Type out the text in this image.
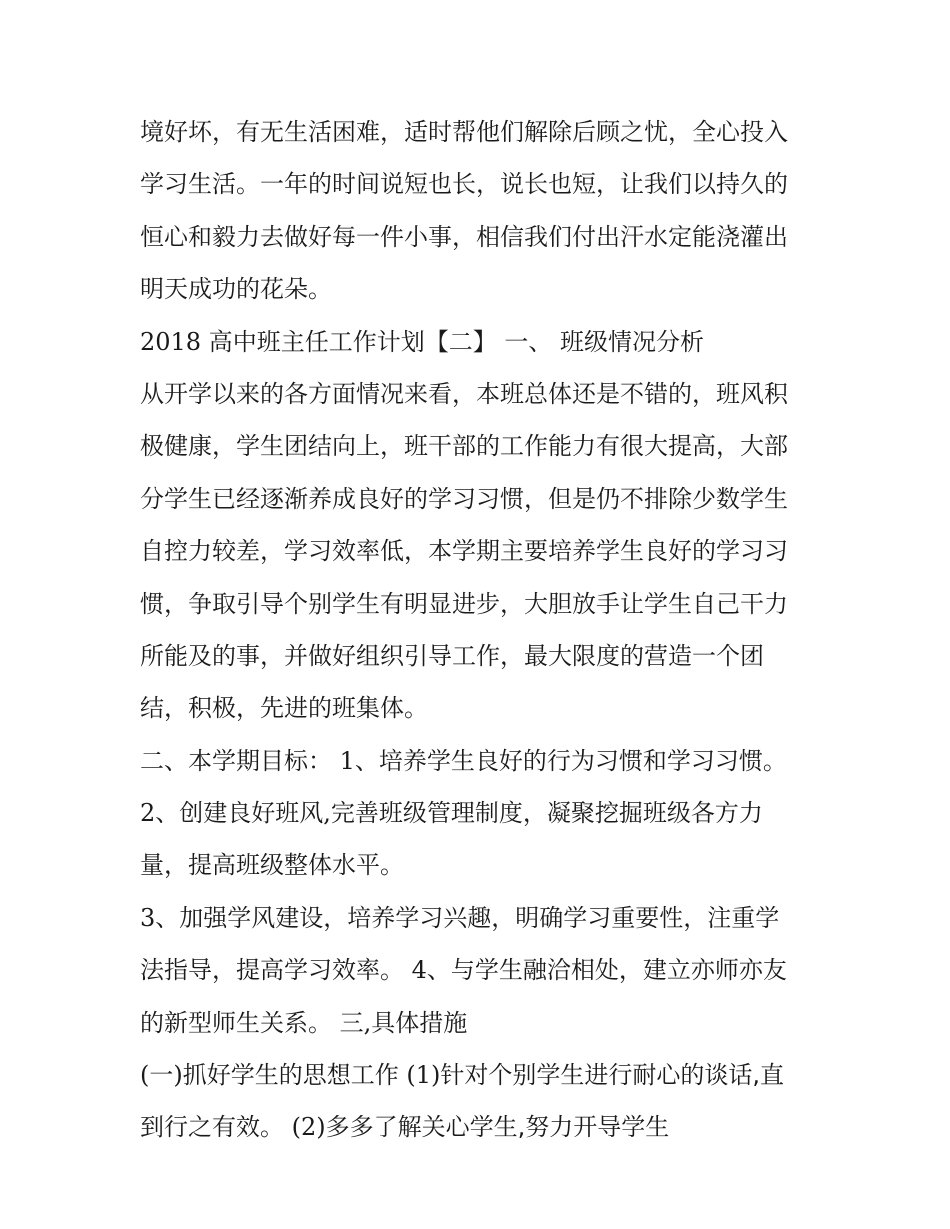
境好坏，有无生活困难，适时帮他们解除后顾之忧，全心投入
学习生活。一年的时间说短也长，说长也短，让我们以持久的
恒心和毅力去做好每一件小事，相信我们付出汗水定能浇灌出
明天成功的花朵。
2018 高中班主任工作计划【二】 一、 班级情况分析
从开学以来的各方面情况来看，本班总体还是不错的，班风积
极健康，学生团结向上，班干部的工作能力有很大提高，大部
分学生已经逐渐养成良好的学习习惯，但是仍不排除少数学生
自控力较差，学习效率低，本学期主要培养学生良好的学习习
惯，争取引导个别学生有明显进步，大胆放手让学生自己干力
所能及的事，并做好组织引导工作，最大限度的营造一个团
结，积极，先进的班集体。
二、本学期目标： 1、培养学生良好的行为习惯和学习习惯。
2、创建良好班风,完善班级管理制度，凝聚挖掘班级各方力
量，提高班级整体水平。
3、加强学风建设，培养学习兴趣，明确学习重要性，注重学
法指导，提高学习效率。 4、与学生融洽相处，建立亦师亦友
的新型师生关系。 三,具体措施
(一)抓好学生的思想工作 (1)针对个别学生进行耐心的谈话,直
到行之有效。 (2)多多了解关心学生,努力开导学生
